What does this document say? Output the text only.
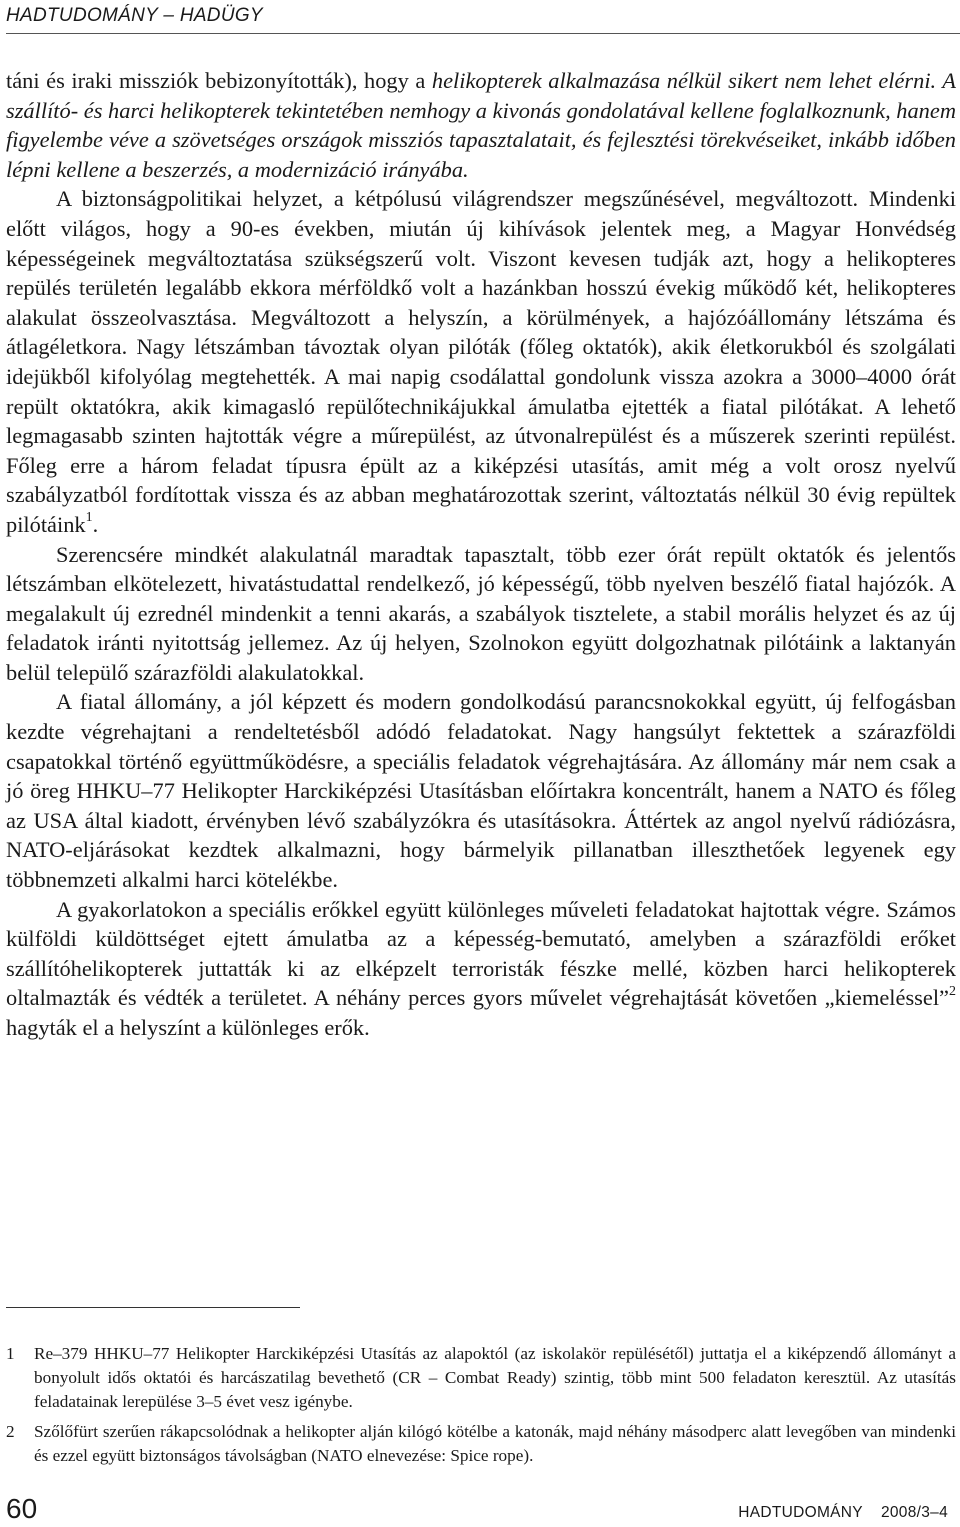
HADTUDOMÁNY – HADÜGY

táni és iraki missziók bebizonyították), hogy a helikopterek alkalmazása nélkül sikert nem lehet elérni. A szállító- és harci helikopterek tekintetében nemhogy a kivonás gondolatával kellene foglalkoznunk, hanem figyelembe véve a szövetséges országok missziós tapasztalatait, és fejlesztési törekvéseiket, inkább időben lépni kellene a beszerzés, a modernizáció irányába.

A biztonságpolitikai helyzet, a kétpólusú világrendszer megszűnésével, megváltozott. Mindenki előtt világos, hogy a 90-es években, miután új kihívások jelentek meg, a Magyar Honvédség képességeinek megváltoztatása szükségszerű volt. Viszont kevesen tudják azt, hogy a helikopteres repülés területén legalább ekkora mérföldkő volt a hazánkban hosszú évekig működő két, helikopteres alakulat összeolvasztása. Megváltozott a helyszín, a körülmények, a hajózóállomány létszáma és átlagéletkora. Nagy létszámban távoztak olyan pilóták (főleg oktatók), akik életkorukból és szolgálati idejükből kifolyólag megtehették. A mai napig csodálattal gondolunk vissza azokra a 3000–4000 órát repült oktatókra, akik kimagasló repülőtechnikájukkal ámulatba ejtették a fiatal pilótákat. A lehető legmagasabb szinten hajtották végre a műrepülést, az útvonalrepülést és a műszerek szerinti repülést. Főleg erre a három feladat típusra épült az a kiképzési utasítás, amit még a volt orosz nyelvű szabályzatból fordítottak vissza és az abban meghatározottak szerint, változtatás nélkül 30 évig repültek pilótáink$^1$.

Szerencsére mindkét alakulatnál maradtak tapasztalt, több ezer órát repült oktatók és jelentős létszámban elkötelezett, hivatástudattal rendelkező, jó képességű, több nyelven beszélő fiatal hajózók. A megalakult új ezrednél mindenkit a tenni akarás, a szabályok tisztelete, a stabil morális helyzet és az új feladatok iránti nyitottság jellemez. Az új helyen, Szolnokon együtt dolgozhatnak pilótáink a laktanyán belül települő szárazföldi alakulatokkal.

A fiatal állomány, a jól képzett és modern gondolkodású parancsnokokkal együtt, új felfogásban kezdte végrehajtani a rendeltetésből adódó feladatokat. Nagy hangsúlyt fektettek a szárazföldi csapatokkal történő együttműködésre, a speciális feladatok végrehajtására. Az állomány már nem csak a jó öreg HHKU–77 Helikopter Harckiképzési Utasításban előírtakra koncentrált, hanem a NATO és főleg az USA által kiadott, érvényben lévő szabályzókra és utasításokra. Áttértek az angol nyelvű rádiózásra, NATO-eljárásokat kezdtek alkalmazni, hogy bármelyik pillanatban illeszthetőek legyenek egy többnemzeti alkalmi harci kötelékbe.

A gyakorlatokon a speciális erőkkel együtt különleges műveleti feladatokat hajtottak végre. Számos külföldi küldöttséget ejtett ámulatba az a képesség-bemutató, amelyben a szárazföldi erőket szállítóhelikopterek juttatták ki az elképzelt terroristák fészke mellé, közben harci helikopterek oltalmazták és védték a területet. A néhány perces gyors művelet végrehajtását követően „kiemeléssel”$^2$ hagyták el a helyszínt a különleges erők.

1	Re–379 HHKU–77 Helikopter Harckiképzési Utasítás az alapoktól (az iskolakör repülésétől) juttatja el a kiképzendő állományt a bonyolult idős oktatói és harcászatilag bevethető (CR – Combat Ready) szintig, több mint 500 feladaton keresztül. Az utasítás feladatainak lerepülése 3–5 évet vesz igénybe.
2	Szőlőfürt szerűen rákapcsolódnak a helikopter alján kilógó kötélbe a katonák, majd néhány másodperc alatt levegőben van mindenki és ezzel együtt biztonságos távolságban (NATO elnevezése: Spice rope).
60	HADTUDOMÁNY 2008/3–4
